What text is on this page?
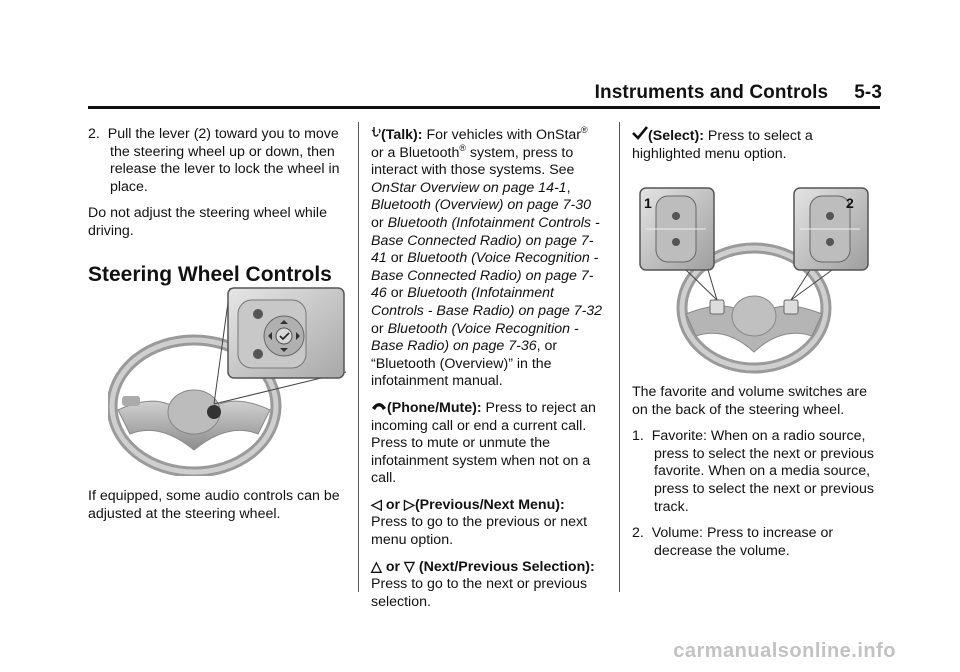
Instruments and Controls 5-3

2. Pull the lever (2) toward you to move the steering wheel up or down, then release the lever to lock the wheel in place.

Do not adjust the steering wheel while driving.

Steering Wheel Controls

If equipped, some audio controls can be adjusted at the steering wheel.

(Talk): For vehicles with OnStar®
or a Bluetooth® system, press to interact with those systems. See OnStar Overview on page 14-1, Bluetooth (Overview) on page 7-30 or Bluetooth (Infotainment Controls - Base Connected Radio) on page 7-41 or Bluetooth (Voice Recognition - Base Connected Radio) on page 7-46 or Bluetooth (Infotainment Controls - Base Radio) on page 7-32 or Bluetooth (Voice Recognition - Base Radio) on page 7-36, or “Bluetooth (Overview)” in the infotainment manual.

(Phone/Mute): Press to reject an incoming call or end a current call. Press to mute or unmute the infotainment system when not on a call.

◁ or ▷(Previous/Next Menu):
Press to go to the previous or next menu option.

△ or ▽ (Next/Previous Selection): Press to go to the next or previous selection.

(Select): Press to select a highlighted menu option.

1	2

The favorite and volume switches are on the back of the steering wheel.

1. Favorite: When on a radio source, press to select the next or previous favorite. When on a media source, press to select the next or previous track.

2. Volume: Press to increase or decrease the volume.

carmanualsonline.info
